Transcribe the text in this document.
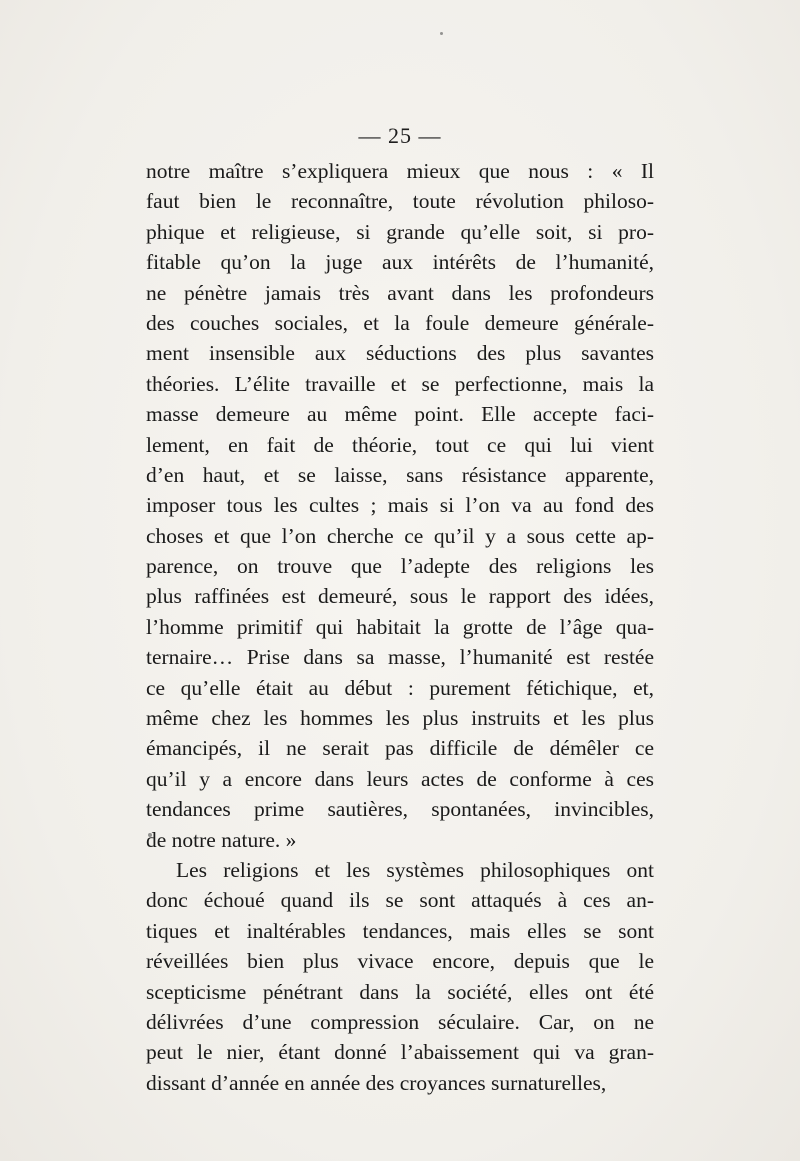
— 25 —
notre maître s’expliquera mieux que nous : « Il
faut bien le reconnaître, toute révolution philoso-
phique et religieuse, si grande qu’elle soit, si pro-
fitable qu’on la juge aux intérêts de l’humanité,
ne pénètre jamais très avant dans les profondeurs
des couches sociales, et la foule demeure générale-
ment insensible aux séductions des plus savantes
théories. L’élite travaille et se perfectionne, mais la
masse demeure au même point. Elle accepte faci-
lement, en fait de théorie, tout ce qui lui vient
d’en haut, et se laisse, sans résistance apparente,
imposer tous les cultes ; mais si l’on va au fond des
choses et que l’on cherche ce qu’il y a sous cette ap-
parence, on trouve que l’adepte des religions les
plus raffinées est demeuré, sous le rapport des idées,
l’homme primitif qui habitait la grotte de l’âge qua-
ternaire… Prise dans sa masse, l’humanité est restée
ce qu’elle était au début : purement fétichique, et,
même chez les hommes les plus instruits et les plus
émancipés, il ne serait pas difficile de démêler ce
qu’il y a encore dans leurs actes de conforme à ces
tendances prime sautières, spontanées, invincibles,
de notre nature. »
Les religions et les systèmes philosophiques ont
donc échoué quand ils se sont attaqués à ces an-
tiques et inaltérables tendances, mais elles se sont
réveillées bien plus vivace encore, depuis que le
scepticisme pénétrant dans la société, elles ont été
délivrées d’une compression séculaire. Car, on ne
peut le nier, étant donné l’abaissement qui va gran-
dissant d’année en année des croyances surnaturelles,
